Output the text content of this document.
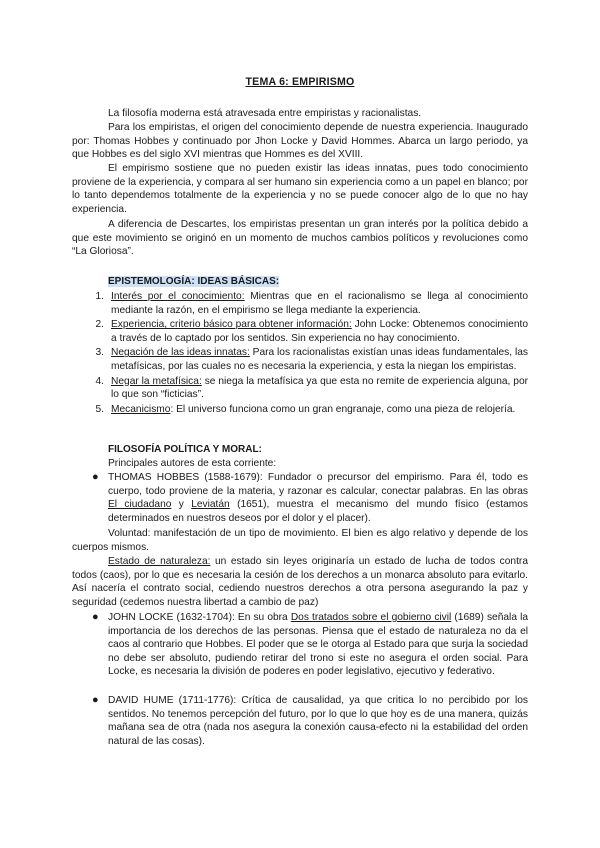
TEMA 6: EMPIRISMO

La filosofía moderna está atravesada entre empiristas y racionalistas.

Para los empiristas, el origen del conocimiento depende de nuestra experiencia. Inaugurado por: Thomas Hobbes y continuado por Jhon Locke y David Hommes. Abarca un largo periodo, ya que Hobbes es del siglo XVI mientras que Hommes es del XVIII.

El empirismo sostiene que no pueden existir las ideas innatas, pues todo conocimiento proviene de la experiencia, y compara al ser humano sin experiencia como a un papel en blanco; por lo tanto dependemos totalmente de la experiencia y no se puede conocer algo de lo que no hay experiencia.

A diferencia de Descartes, los empiristas presentan un gran interés por la política debido a que este movimiento se originó en un momento de muchos cambios políticos y revoluciones como “La Gloriosa”.

EPISTEMOLOGÍA: IDEAS BÁSICAS:
1. Interés por el conocimiento: Mientras que en el racionalismo se llega al conocimiento mediante la razón, en el empirismo se llega mediante la experiencia.
2. Experiencia, criterio básico para obtener información: John Locke: Obtenemos conocimiento a través de lo captado por los sentidos. Sin experiencia no hay conocimiento.
3. Negación de las ideas innatas: Para los racionalistas existían unas ideas fundamentales, las metafísicas, por las cuales no es necesaria la experiencia, y esta la niegan los empiristas.
4. Negar la metafísica: se niega la metafísica ya que esta no remite de experiencia alguna, por lo que son “ficticias”.
5. Mecanicismo: El universo funciona como un gran engranaje, como una pieza de relojería.
FILOSOFÍA POLÍTICA Y MORAL:

Principales autores de esta corriente:

● THOMAS HOBBES (1588-1679): Fundador o precursor del empirismo. Para él, todo es cuerpo, todo proviene de la materia, y razonar es calcular, conectar palabras. En las obras El ciudadano y Leviatán (1651), muestra el mecanismo del mundo físico (estamos determinados en nuestros deseos por el dolor y el placer).

Voluntad: manifestación de un tipo de movimiento. El bien es algo relativo y depende de los cuerpos mismos.

Estado de naturaleza: un estado sin leyes originaría un estado de lucha de todos contra todos (caos), por lo que es necesaria la cesión de los derechos a un monarca absoluto para evitarlo. Así nacería el contrato social, cediendo nuestros derechos a otra persona asegurando la paz y seguridad (cedemos nuestra libertad a cambio de paz)

● JOHN LOCKE (1632-1704): En su obra Dos tratados sobre el gobierno civil (1689) señala la importancia de los derechos de las personas. Piensa que el estado de naturaleza no da el caos al contrario que Hobbes. El poder que se le otorga al Estado para que surja la sociedad no debe ser absoluto, pudiendo retirar del trono si este no asegura el orden social. Para Locke, es necesaria la división de poderes en poder legislativo, ejecutivo y federativo.
● DAVID HUME (1711-1776): Crítica de causalidad, ya que critica lo no percibido por los sentidos. No tenemos percepción del futuro, por lo que lo que hoy es de una manera, quizás mañana sea de otra (nada nos asegura la conexión causa-efecto ni la estabilidad del orden natural de las cosas).
